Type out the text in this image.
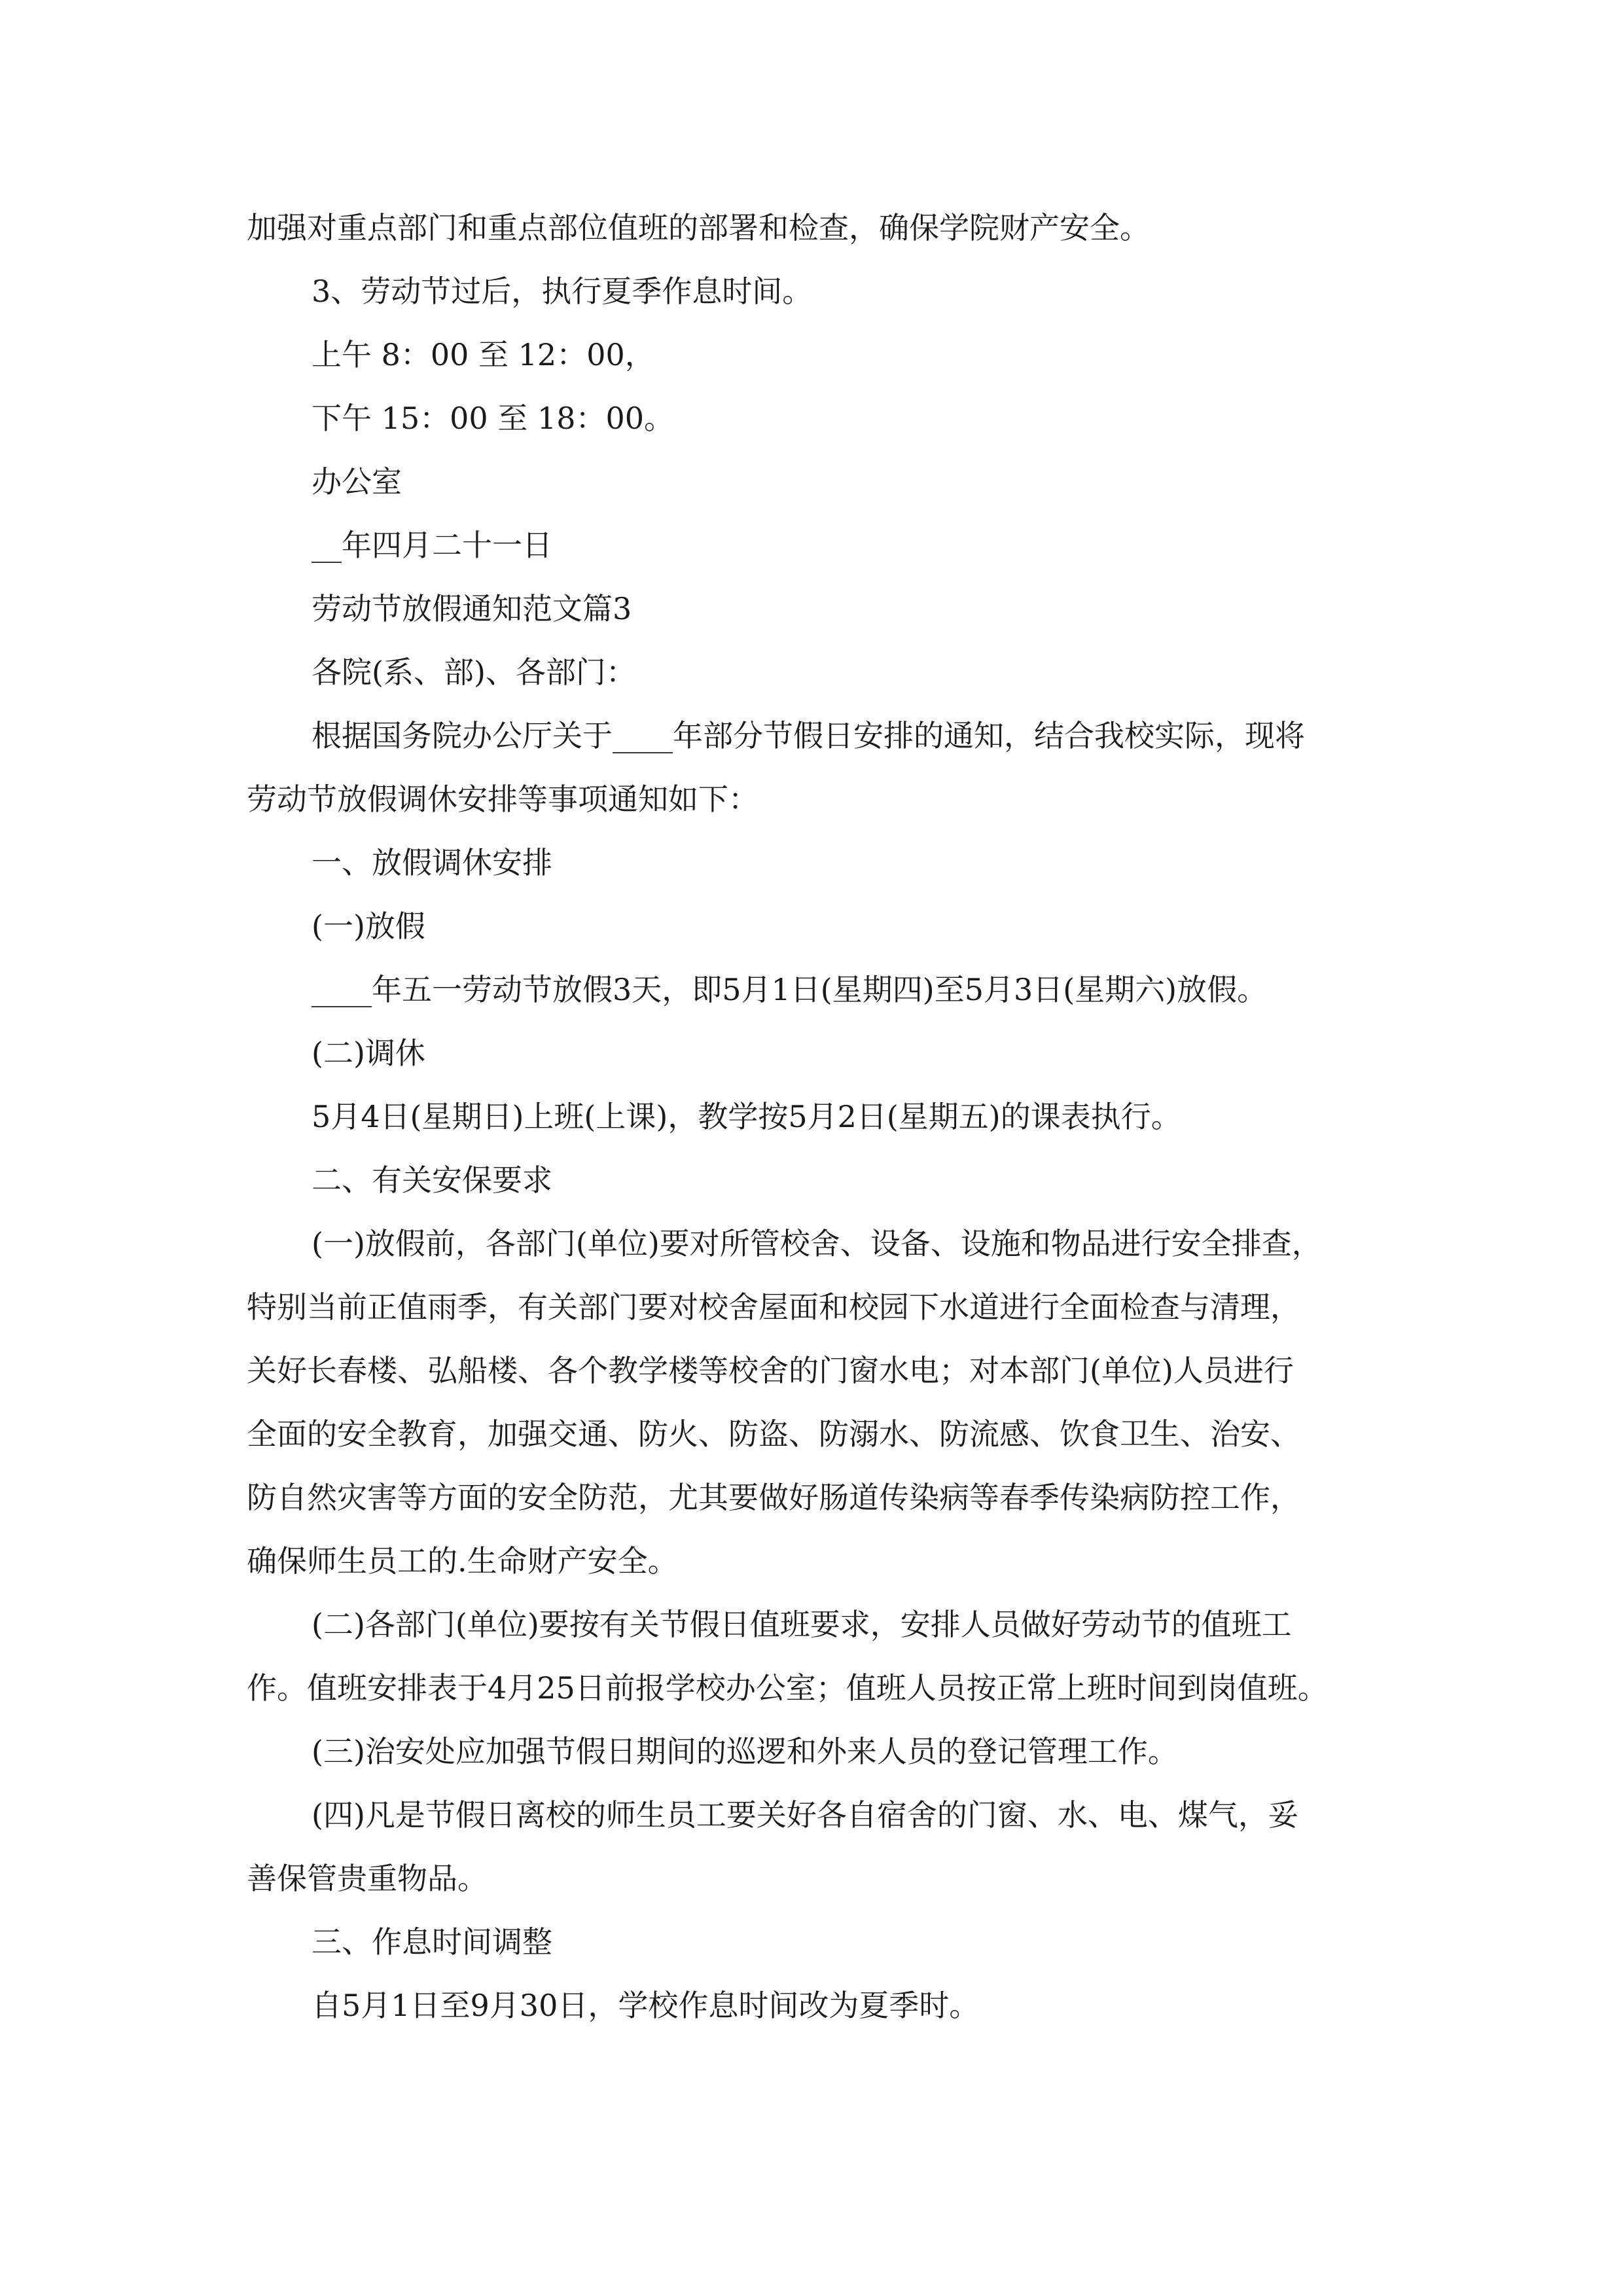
加强对重点部门和重点部位值班的部署和检查，确保学院财产安全。
3、劳动节过后，执行夏季作息时间。
上午 8：00 至 12：00，
下午 15：00 至 18：00。
办公室
__年四月二十一日
劳动节放假通知范文篇3
各院(系、部)、各部门：
根据国务院办公厅关于____年部分节假日安排的通知，结合我校实际，现将
劳动节放假调休安排等事项通知如下：
一、放假调休安排
(一)放假
____年五一劳动节放假3天，即5月1日(星期四)至5月3日(星期六)放假。
(二)调休
5月4日(星期日)上班(上课)，教学按5月2日(星期五)的课表执行。
二、有关安保要求
(一)放假前，各部门(单位)要对所管校舍、设备、设施和物品进行安全排查，
特别当前正值雨季，有关部门要对校舍屋面和校园下水道进行全面检查与清理，
关好长春楼、弘船楼、各个教学楼等校舍的门窗水电；对本部门(单位)人员进行
全面的安全教育，加强交通、防火、防盗、防溺水、防流感、饮食卫生、治安、
防自然灾害等方面的安全防范，尤其要做好肠道传染病等春季传染病防控工作，
确保师生员工的.生命财产安全。
(二)各部门(单位)要按有关节假日值班要求，安排人员做好劳动节的值班工
作。值班安排表于4月25日前报学校办公室；值班人员按正常上班时间到岗值班。
(三)治安处应加强节假日期间的巡逻和外来人员的登记管理工作。
(四)凡是节假日离校的师生员工要关好各自宿舍的门窗、水、电、煤气，妥
善保管贵重物品。
三、作息时间调整
自5月1日至9月30日，学校作息时间改为夏季时。
